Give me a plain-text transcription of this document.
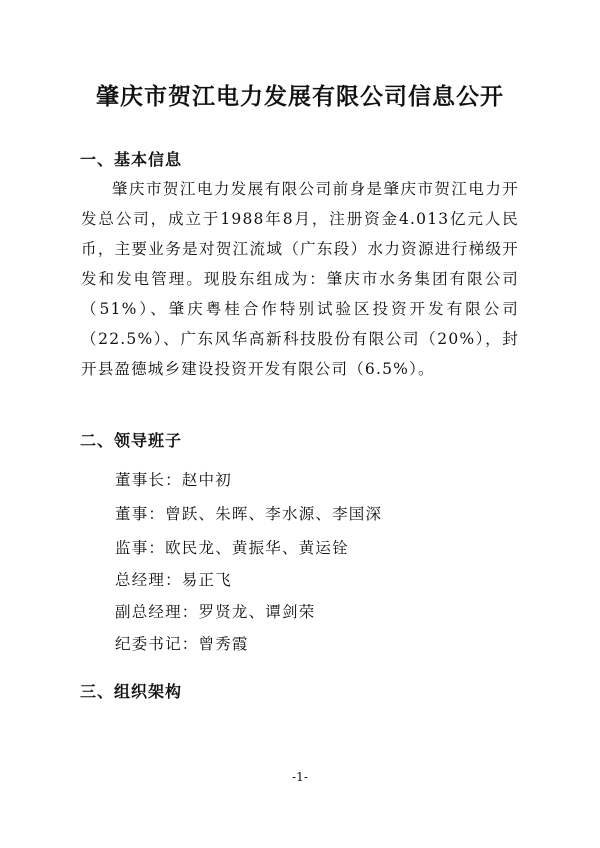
肇庆市贺江电力发展有限公司信息公开
一、基本信息
肇庆市贺江电力发展有限公司前身是肇庆市贺江电力开发总公司，成立于1988年8月，注册资金4.013亿元人民币，主要业务是对贺江流域（广东段）水力资源进行梯级开发和发电管理。现股东组成为：肇庆市水务集团有限公司（51%）、肇庆粤桂合作特别试验区投资开发有限公司（22.5%）、广东风华高新科技股份有限公司（20%），封开县盈德城乡建设投资开发有限公司（6.5%）。
二、领导班子
董事长：赵中初
董事：曾跃、朱晖、李水源、李国深
监事：欧民龙、黄振华、黄运铨
总经理：易正飞
副总经理：罗贤龙、谭剑荣
纪委书记：曾秀霞
三、组织架构
-1-
